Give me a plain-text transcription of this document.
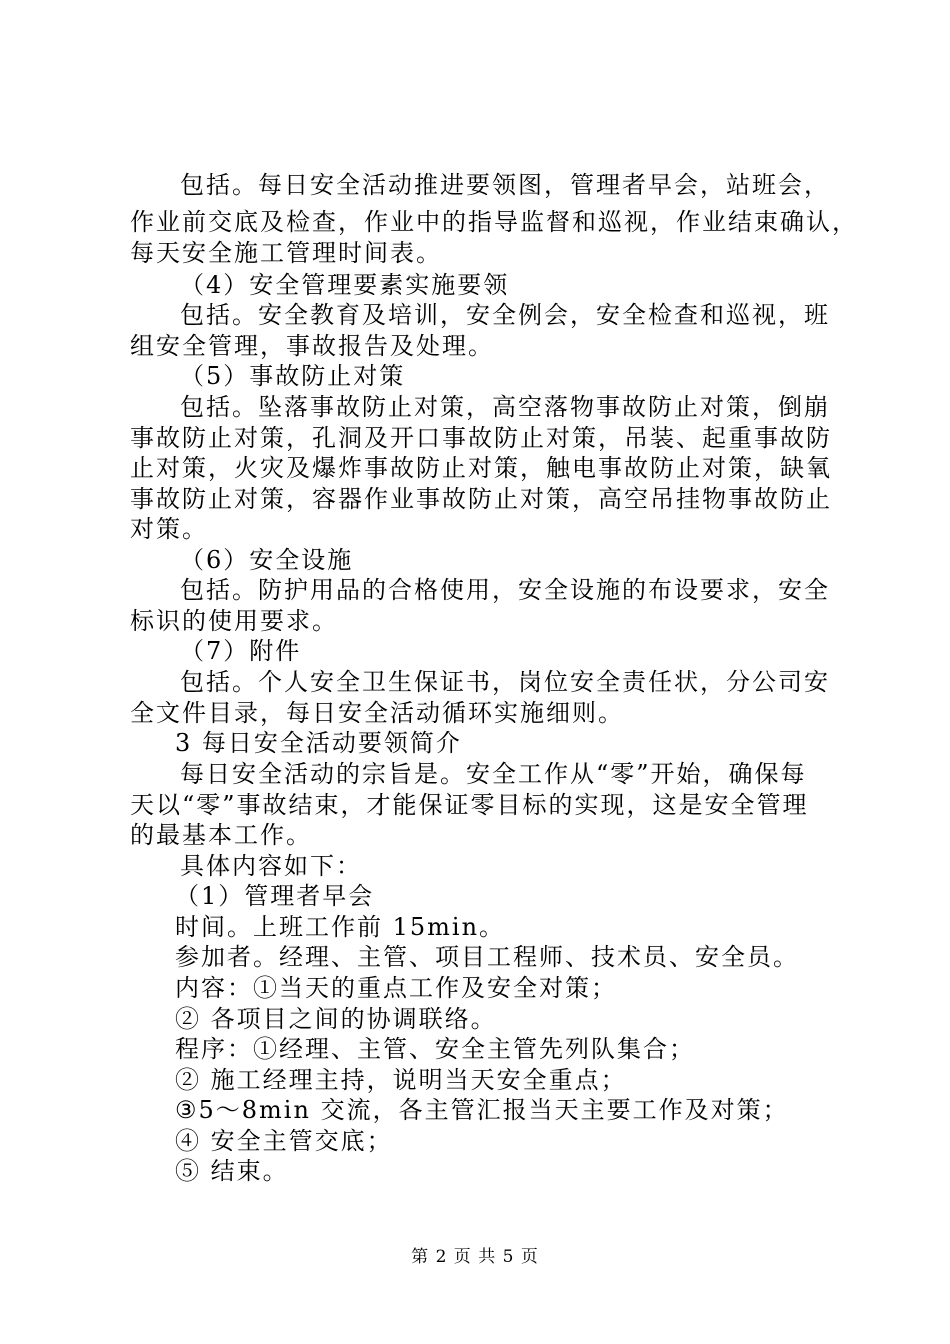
包括。每日安全活动推进要领图，管理者早会，站班会，
作业前交底及检查，作业中的指导监督和巡视，作业结束确认，
每天安全施工管理时间表。
（4）安全管理要素实施要领
包括。安全教育及培训，安全例会，安全检查和巡视，班
组安全管理，事故报告及处理。
（5）事故防止对策
包括。坠落事故防止对策，高空落物事故防止对策，倒崩
事故防止对策，孔洞及开口事故防止对策，吊装、起重事故防
止对策，火灾及爆炸事故防止对策，触电事故防止对策，缺氧
事故防止对策，容器作业事故防止对策，高空吊挂物事故防止
对策。
（6）安全设施
包括。防护用品的合格使用，安全设施的布设要求，安全
标识的使用要求。
（7）附件
包括。个人安全卫生保证书，岗位安全责任状，分公司安
全文件目录，每日安全活动循环实施细则。
3 每日安全活动要领简介
每日安全活动的宗旨是。安全工作从“零”开始，确保每
天以“零”事故结束，才能保证零目标的实现，这是安全管理
的最基本工作。
具体内容如下：
（1）管理者早会
时间。上班工作前 15min。
参加者。经理、主管、项目工程师、技术员、安全员。
内容：①当天的重点工作及安全对策；
② 各项目之间的协调联络。
程序：①经理、主管、安全主管先列队集合；
② 施工经理主持，说明当天安全重点；
③5～8min 交流，各主管汇报当天主要工作及对策；
④ 安全主管交底；
⑤ 结束。
第 2 页 共 5 页
